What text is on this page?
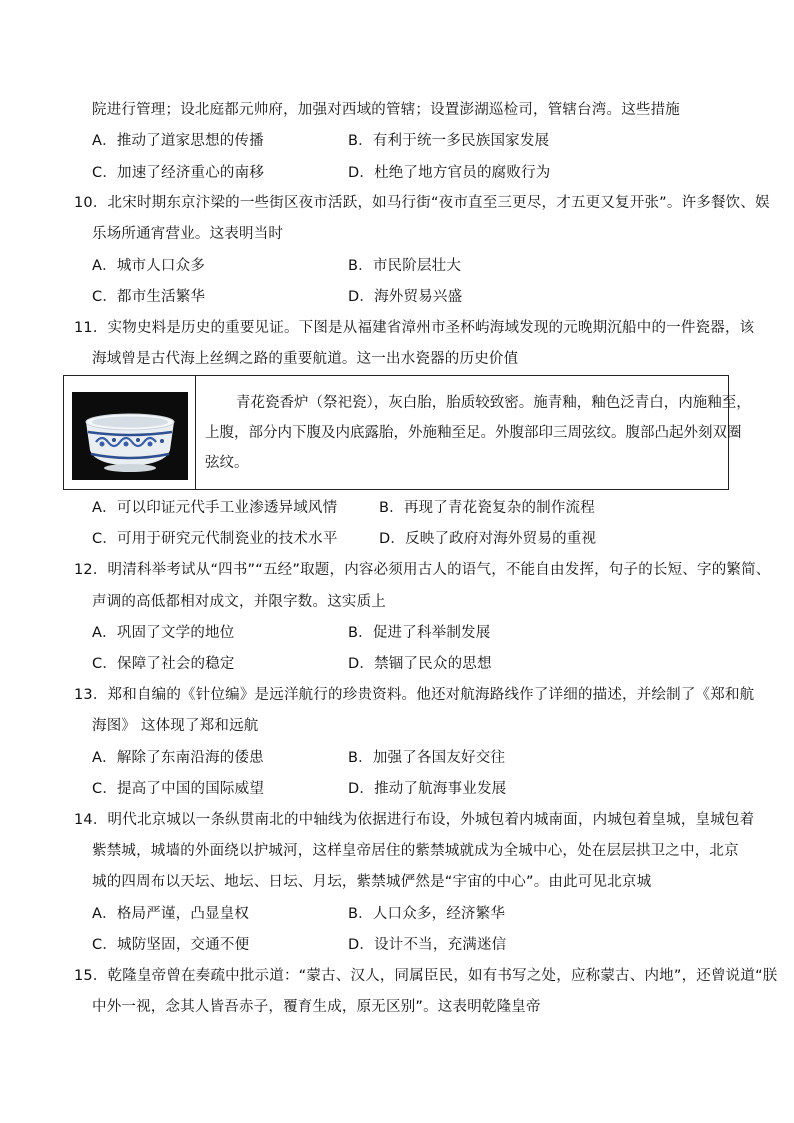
院进行管理；设北庭都元帅府，加强对西域的管辖；设置澎湖巡检司，管辖台湾。这些措施
A．推动了道家思想的传播	B．有利于统一多民族国家发展
C．加速了经济重心的南移	D．杜绝了地方官员的腐败行为
10．北宋时期东京汴梁的一些街区夜市活跃，如马行街“夜市直至三更尽，才五更又复开张”。许多餐饮、娱
乐场所通宵营业。这表明当时
A．城市人口众多	B．市民阶层壮大
C．都市生活繁华	D．海外贸易兴盛
11．实物史料是历史的重要见证。下图是从福建省漳州市圣杯屿海域发现的元晚期沉船中的一件瓷器，该
海域曾是古代海上丝绸之路的重要航道。这一出水瓷器的历史价值
青花瓷香炉（祭祀瓷），灰白胎，胎质较致密。施青釉，釉色泛青白，内施釉至，
上腹，部分内下腹及内底露胎，外施釉至足。外腹部印三周弦纹。腹部凸起外刻双圈
弦纹。
A．可以印证元代手工业渗透异域风情	B．再现了青花瓷复杂的制作流程
C．可用于研究元代制瓷业的技术水平	D．反映了政府对海外贸易的重视
12．明清科举考试从“四书”“五经”取题，内容必须用古人的语气，不能自由发挥，句子的长短、字的繁简、
声调的高低都相对成文，并限字数。这实质上
A．巩固了文学的地位	B．促进了科举制发展
C．保障了社会的稳定	D．禁锢了民众的思想
13．郑和自编的《针位编》是远洋航行的珍贵资料。他还对航海路线作了详细的描述，并绘制了《郑和航
海图》 这体现了郑和远航
A．解除了东南沿海的倭患	B．加强了各国友好交往
C．提高了中国的国际威望	D．推动了航海事业发展
14．明代北京城以一条纵贯南北的中轴线为依据进行布设，外城包着内城南面，内城包着皇城，皇城包着
紫禁城，城墙的外面绕以护城河，这样皇帝居住的紫禁城就成为全城中心，处在层层拱卫之中，北京
城的四周布以天坛、地坛、日坛、月坛，紫禁城俨然是“宇宙的中心”。由此可见北京城
A．格局严谨，凸显皇权	B．人口众多，经济繁华
C．城防坚固，交通不便	D．设计不当，充满迷信
15．乾隆皇帝曾在奏疏中批示道：“蒙古、汉人，同属臣民，如有书写之处，应称蒙古、内地”，还曾说道“朕
中外一视，念其人皆吾赤子，覆育生成，原无区别”。这表明乾隆皇帝
